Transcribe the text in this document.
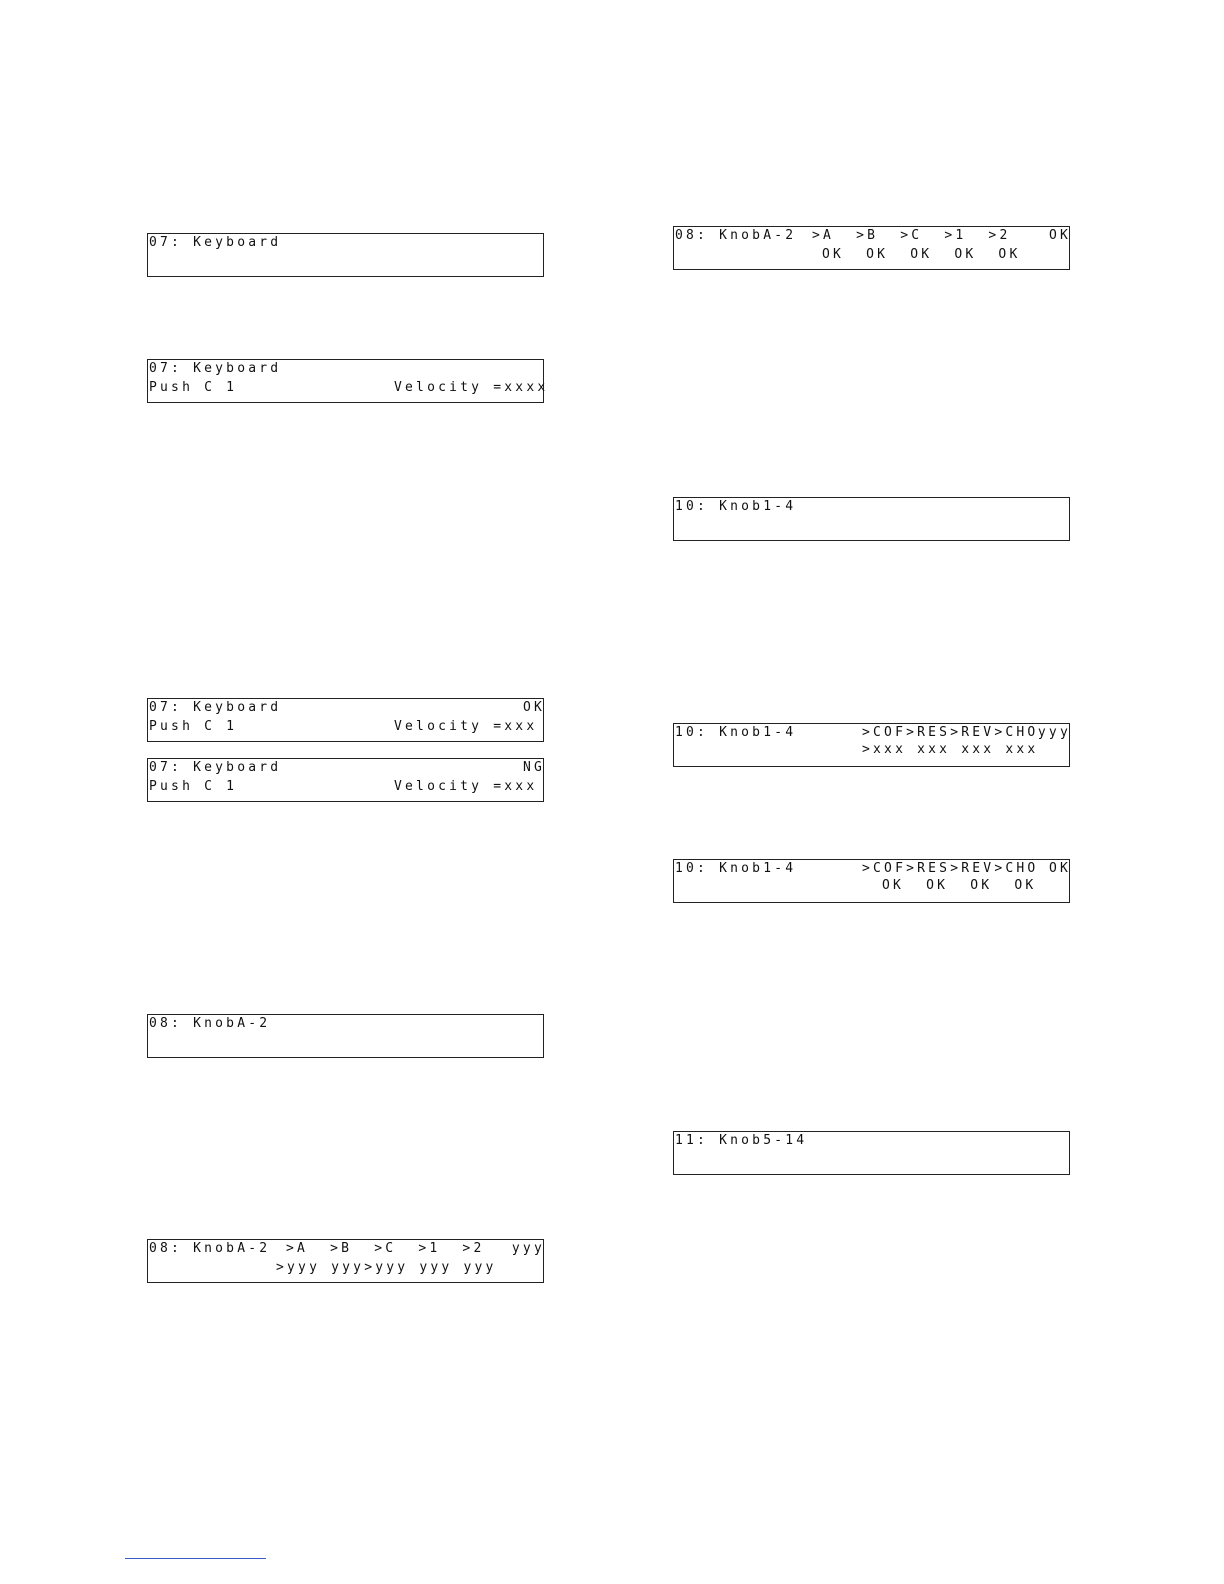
07: Keyboard
07: Keyboard
Push C 1	Velocity =xxxx
07: Keyboard	OK
Push C 1	Velocity =xxx
07: Keyboard	NG
Push C 1	Velocity =xxx
08: KnobA-2
08: KnobA-2 >A  >B  >C  >1  >2 yyy
>yyy yyy>yyy yyy yyy
08: KnobA-2 >A  >B  >C  >1  >2	OK
OK  OK  OK  OK  OK
10: Knob1-4
10: Knob1-4	>COF>RES>REV>CHO yyy
>xxx xxx xxx xxx
10: Knob1-4	>COF>RES>REV>CHO OK
OK  OK  OK  OK
11: Knob5-14
